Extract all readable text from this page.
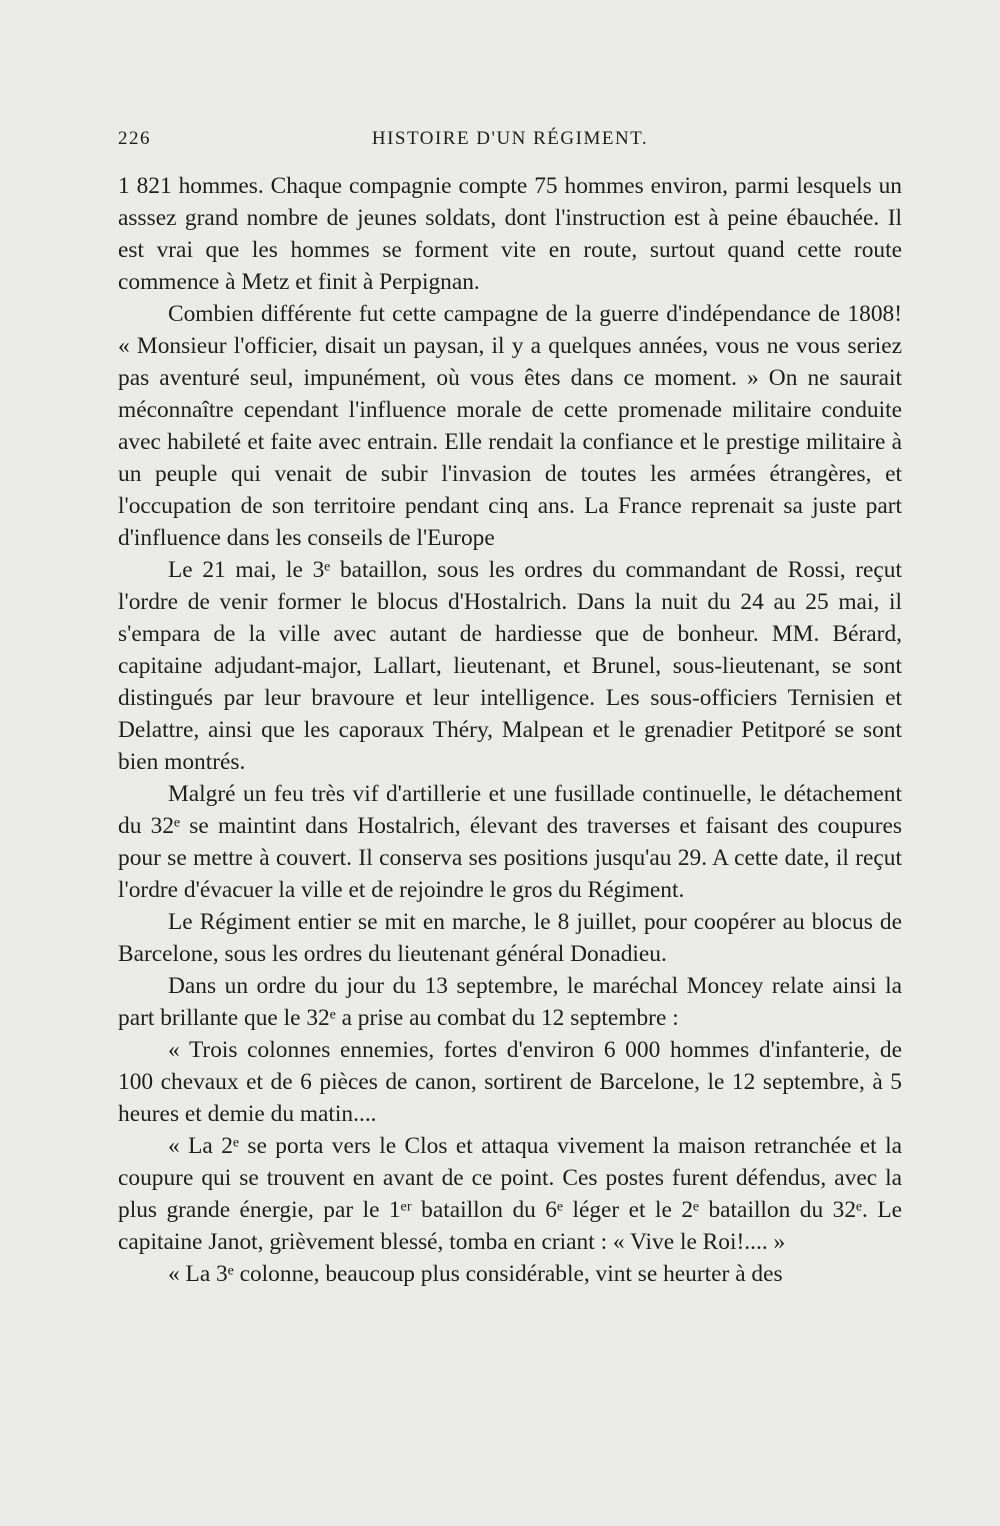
226	HISTOIRE D'UN RÉGIMENT.

1 821 hommes. Chaque compagnie compte 75 hommes environ, parmi lesquels un asssez grand nombre de jeunes soldats, dont l'instruction est à peine ébauchée. Il est vrai que les hommes se forment vite en route, surtout quand cette route commence à Metz et finit à Perpignan.

Combien différente fut cette campagne de la guerre d'indépendance de 1808! « Monsieur l'officier, disait un paysan, il y a quelques années, vous ne vous seriez pas aventuré seul, impunément, où vous êtes dans ce moment. » On ne saurait méconnaître cependant l'influence morale de cette promenade militaire conduite avec habileté et faite avec entrain. Elle rendait la confiance et le prestige militaire à un peuple qui venait de subir l'invasion de toutes les armées étrangères, et l'occupation de son territoire pendant cinq ans. La France reprenait sa juste part d'influence dans les conseils de l'Europe

Le 21 mai, le 3ᵉ bataillon, sous les ordres du commandant de Rossi, reçut l'ordre de venir former le blocus d'Hostalrich. Dans la nuit du 24 au 25 mai, il s'empara de la ville avec autant de hardiesse que de bonheur. MM. Bérard, capitaine adjudant-major, Lallart, lieutenant, et Brunel, sous-lieutenant, se sont distingués par leur bravoure et leur intelligence. Les sous-officiers Ternisien et Delattre, ainsi que les caporaux Théry, Malpean et le grenadier Petitporé se sont bien montrés.

Malgré un feu très vif d'artillerie et une fusillade continuelle, le détachement du 32ᵉ se maintint dans Hostalrich, élevant des traverses et faisant des coupures pour se mettre à couvert. Il conserva ses positions jusqu'au 29. A cette date, il reçut l'ordre d'évacuer la ville et de rejoindre le gros du Régiment.

Le Régiment entier se mit en marche, le 8 juillet, pour coopérer au blocus de Barcelone, sous les ordres du lieutenant général Donadieu.

Dans un ordre du jour du 13 septembre, le maréchal Moncey relate ainsi la part brillante que le 32ᵉ a prise au combat du 12 septembre :

« Trois colonnes ennemies, fortes d'environ 6 000 hommes d'infanterie, de 100 chevaux et de 6 pièces de canon, sortirent de Barcelone, le 12 septembre, à 5 heures et demie du matin....

« La 2ᵉ se porta vers le Clos et attaqua vivement la maison retranchée et la coupure qui se trouvent en avant de ce point. Ces postes furent défendus, avec la plus grande énergie, par le 1ᵉʳ bataillon du 6ᵉ léger et le 2ᵉ bataillon du 32ᵉ. Le capitaine Janot, grièvement blessé, tomba en criant : « Vive le Roi!.... »

« La 3ᵉ colonne, beaucoup plus considérable, vint se heurter à des
